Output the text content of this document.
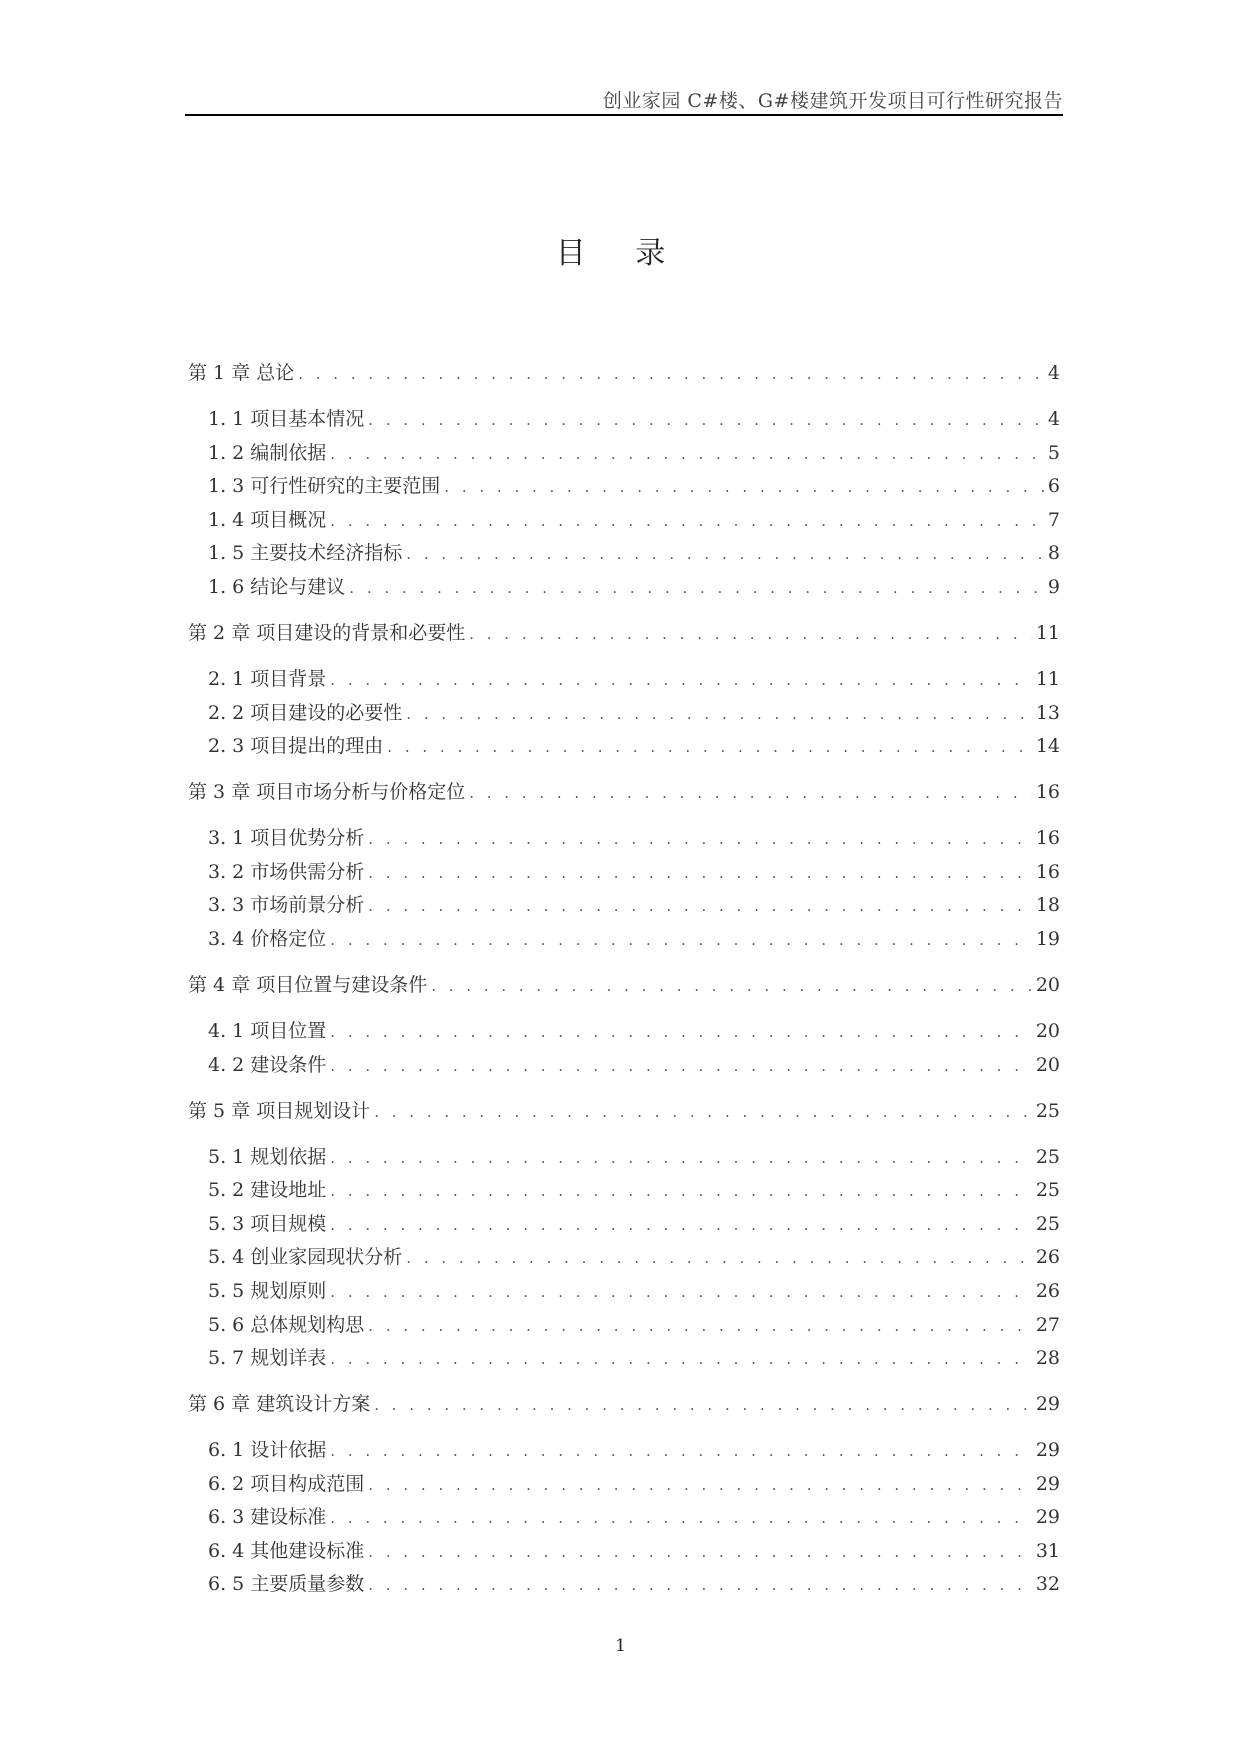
创业家园 C#楼、G#楼建筑开发项目可行性研究报告
目 录
第 1 章 总论 . . .	4
1. 1 项目基本情况 . . .	4
1. 2 编制依据 . . .	5
1. 3 可行性研究的主要范围 . . .	6
1. 4 项目概况 . . .	7
1. 5 主要技术经济指标 . . .	8
1. 6 结论与建议 . . .	9
第 2 章 项目建设的背景和必要性 . . .	11
2. 1 项目背景 . . .	11
2. 2 项目建设的必要性 . . .	13
2. 3 项目提出的理由 . . .	14
第 3 章 项目市场分析与价格定位 . . .	16
3. 1 项目优势分析 . . .	16
3. 2 市场供需分析 . . .	16
3. 3 市场前景分析 . . .	18
3. 4 价格定位 . . .	19
第 4 章 项目位置与建设条件 . . .	20
4. 1 项目位置 . . .	20
4. 2 建设条件 . . .	20
第 5 章 项目规划设计 . . .	25
5. 1 规划依据 . . .	25
5. 2 建设地址 . . .	25
5. 3 项目规模 . . .	25
5. 4 创业家园现状分析 . . .	26
5. 5 规划原则 . . .	26
5. 6 总体规划构思 . . .	27
5. 7 规划详表 . . .	28
第 6 章 建筑设计方案 . . .	29
6. 1 设计依据 . . .	29
6. 2 项目构成范围 . . .	29
6. 3 建设标准 . . .	29
6. 4 其他建设标准 . . .	31
6. 5 主要质量参数 . . .	32
1
